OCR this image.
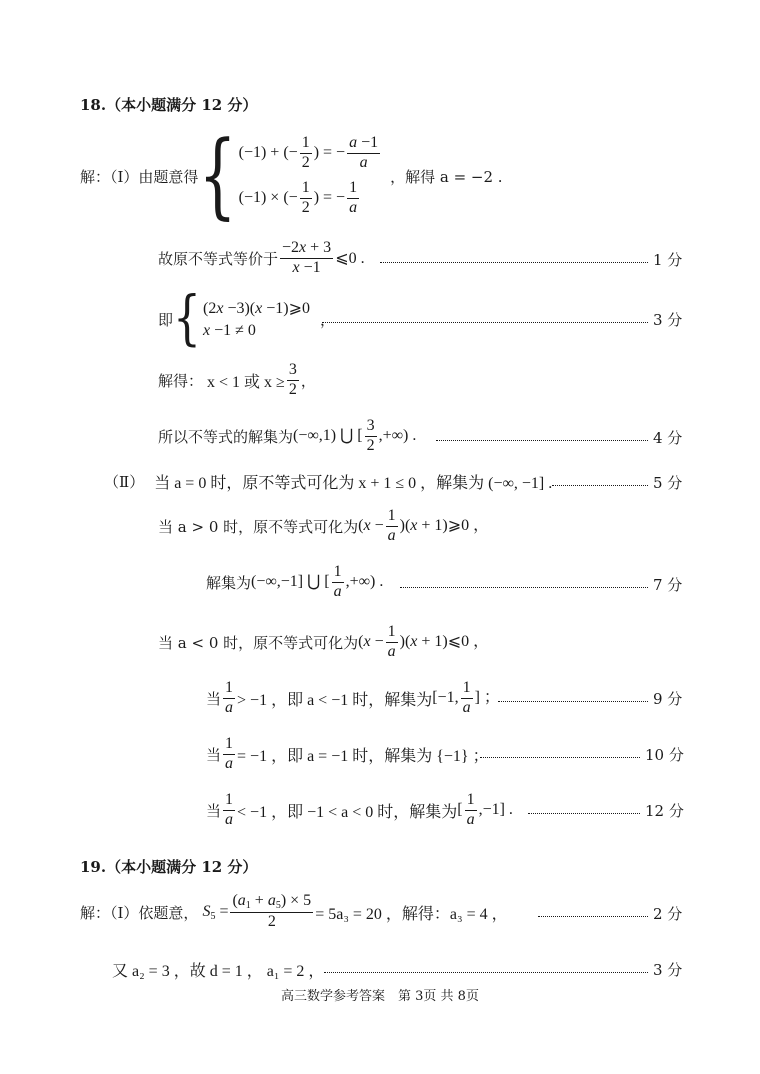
18.（本小题满分 12 分）
解：（Ⅰ）由题意得 { (−1) + (− $\frac{1}{2}$ ) = − $\frac{a -1}{a}$
(−1) × (− $\frac{1}{2}$ ) = − $\frac{1}{a}$
，解得 a = −2 .
故原不等式等价于 $\frac{-2x + 3}{x -1}$ ⩽0 .	1 分
即 { (2x −3)(x −1)⩾0
x −1 ≠ 0
，	3 分
解得： x < 1 或 $x \ge \frac{3}{2}$ ，
所以不等式的解集为 (−∞,1) ⋃ [ $\frac{3}{2}$ ,+∞) .	4 分
（Ⅱ） 当 a = 0 时，原不等式可化为 x + 1 ≤ 0 ，解集为 (−∞, −1] .	5 分
当 a > 0 时，原不等式可化为 $(x - \frac{1}{a} )(x$ + 1)⩾0 ，
解集为 (−∞,−1] ⋃ [ $\frac{1}{a}$ ,+∞) .	7 分
当 a < 0 时，原不等式可化为 $(x - \frac{1}{a} )(x$ + 1)⩽0 ，
当 $\frac{1}{a} > -1$ ，即 a < −1 时，解集为 [−1, $\frac{1}{a}$ ] ；	9 分
当 $\frac{1}{a} = -1$ ，即 a = −1 时，解集为 {−1} ；	10 分
当 $\frac{1}{a} < -1$ ，即 −1 < a < 0 时，解集为 [ $\frac{1}{a} ,-1$] .	12 分
19.（本小题满分 12 分）
解：（Ⅰ）依题意， $S_5 = \frac{(a_1 + a_5) \times 5}{2} = 5a_3 = 20$ ，解得：a₃ = 4 ，	2 分
又 a₂ = 3 ，故 d = 1 ， a₁ = 2 ，	3 分
高三数学参考答案　第 3页 共 8页
